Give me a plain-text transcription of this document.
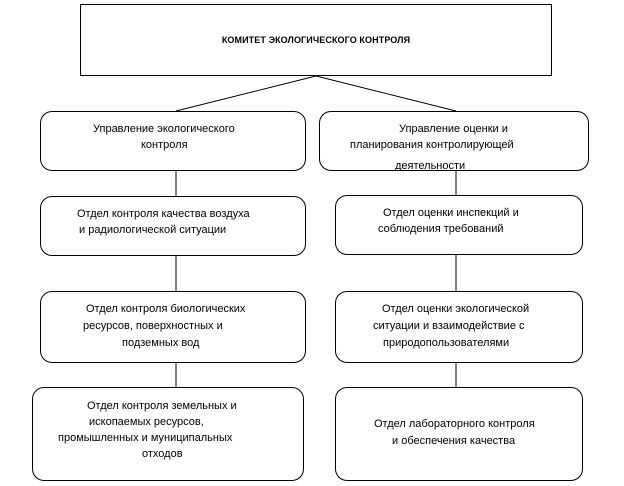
КОМИТЕТ ЭКОЛОГИЧЕСКОГО КОНТРОЛЯ
Управление экологического
контроля
Управление оценки и
планирования контролирующей
деятельности
Отдел контроля качества воздуха
и радиологической ситуации
Отдел оценки инспекций и
соблюдения требований
Отдел контроля биологических
ресурсов, поверхностных и
подземных вод
Отдел оценки экологической
ситуации и взаимодействие с
природопользователями
Отдел контроля земельных и
ископаемых ресурсов,
промышленных и муниципальных
отходов
Отдел лабораторного контроля
и обеспечения качества
